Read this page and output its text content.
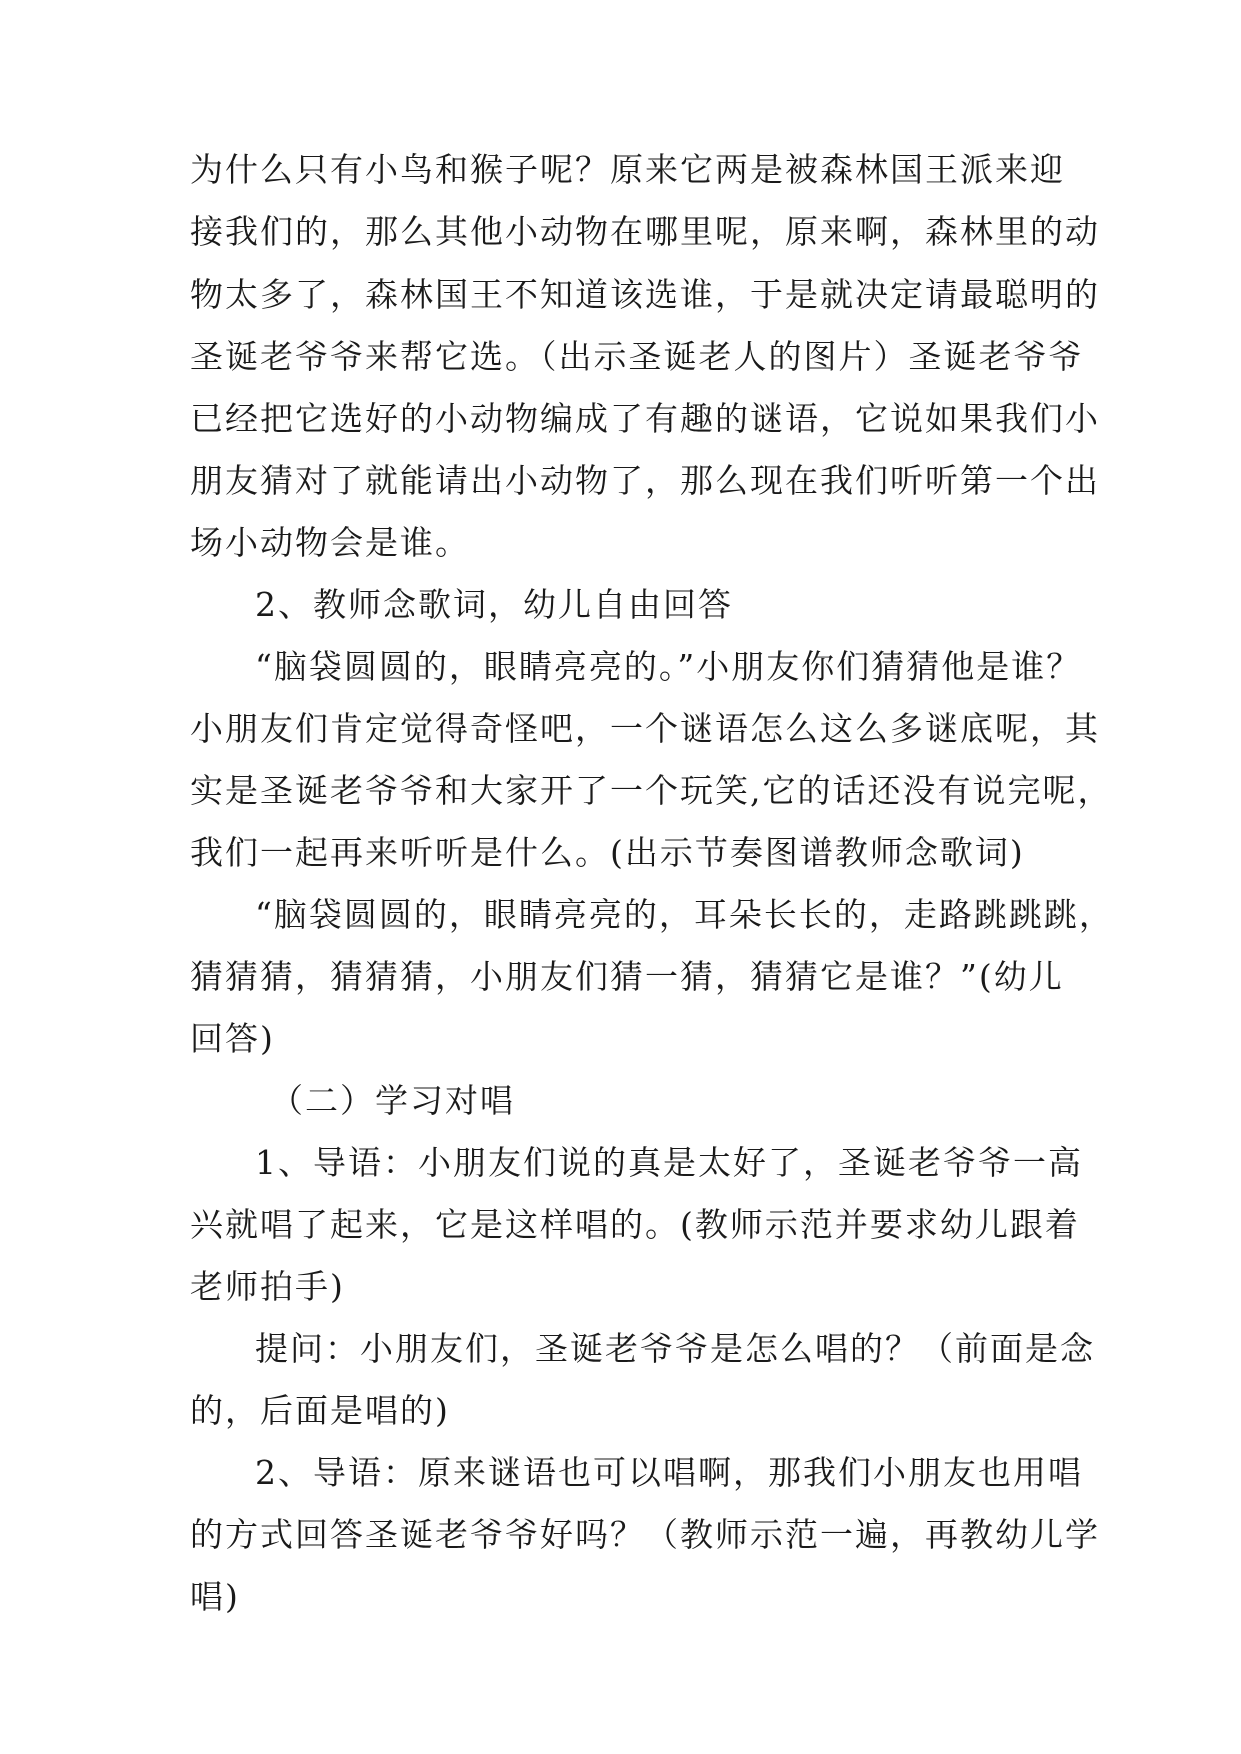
为什么只有小鸟和猴子呢？原来它两是被森林国王派来迎
接我们的，那么其他小动物在哪里呢，原来啊，森林里的动
物太多了，森林国王不知道该选谁，于是就决定请最聪明的
圣诞老爷爷来帮它选。（出示圣诞老人的图片）圣诞老爷爷
已经把它选好的小动物编成了有趣的谜语，它说如果我们小
朋友猜对了就能请出小动物了，那么现在我们听听第一个出
场小动物会是谁。
2、教师念歌词，幼儿自由回答
“脑袋圆圆的，眼睛亮亮的。”小朋友你们猜猜他是谁？
小朋友们肯定觉得奇怪吧，一个谜语怎么这么多谜底呢，其
实是圣诞老爷爷和大家开了一个玩笑,它的话还没有说完呢，
我们一起再来听听是什么。(出示节奏图谱教师念歌词)
“脑袋圆圆的，眼睛亮亮的，耳朵长长的，走路跳跳跳，
猜猜猜，猜猜猜，小朋友们猜一猜，猜猜它是谁？”(幼儿
回答)
（二）学习对唱
1、导语：小朋友们说的真是太好了，圣诞老爷爷一高
兴就唱了起来，它是这样唱的。(教师示范并要求幼儿跟着
老师拍手)
提问：小朋友们，圣诞老爷爷是怎么唱的？（前面是念
的，后面是唱的)
2、导语：原来谜语也可以唱啊，那我们小朋友也用唱
的方式回答圣诞老爷爷好吗？（教师示范一遍，再教幼儿学
唱)
